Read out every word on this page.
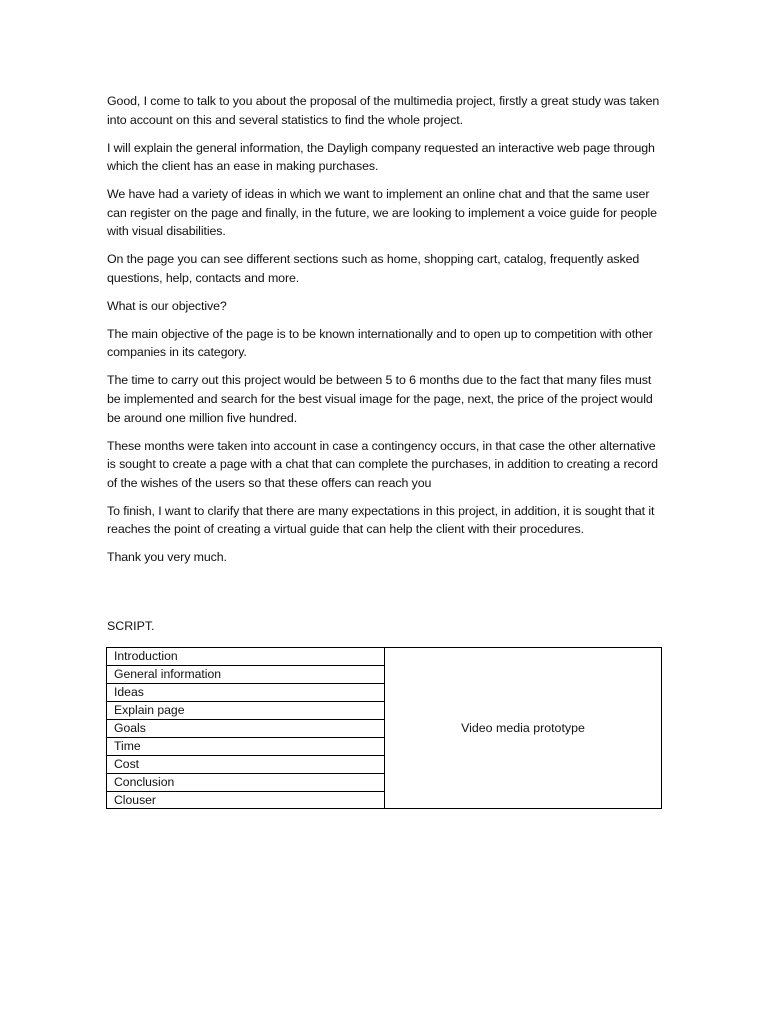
Good, I come to talk to you about the proposal of the multimedia project, firstly a great study was taken into account on this and several statistics to find the whole project.

I will explain the general information, the Dayligh company requested an interactive web page through which the client has an ease in making purchases.

We have had a variety of ideas in which we want to implement an online chat and that the same user can register on the page and finally, in the future, we are looking to implement a voice guide for people with visual disabilities.

On the page you can see different sections such as home, shopping cart, catalog, frequently asked questions, help, contacts and more.

What is our objective?

The main objective of the page is to be known internationally and to open up to competition with other companies in its category.

The time to carry out this project would be between 5 to 6 months due to the fact that many files must be implemented and search for the best visual image for the page, next, the price of the project would be around one million five hundred.

These months were taken into account in case a contingency occurs, in that case the other alternative is sought to create a page with a chat that can complete the purchases, in addition to creating a record of the wishes of the users so that these offers can reach you

To finish, I want to clarify that there are many expectations in this project, in addition, it is sought that it reaches the point of creating a virtual guide that can help the client with their procedures.

Thank you very much.

SCRIPT.

Introduction
General information
Ideas
Explain page
Goals
Time
Cost
Conclusion
Clouser
Video media prototype
